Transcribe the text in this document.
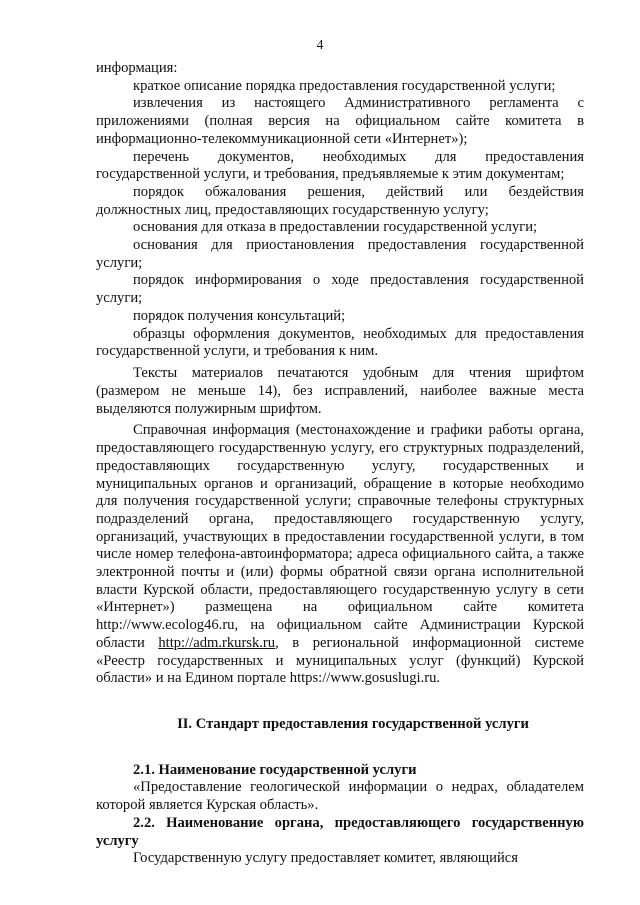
4

информация:

краткое описание порядка предоставления государственной услуги;

извлечения из настоящего Административного регламента с приложениями (полная версия на официальном сайте комитета в информационно-телекоммуникационной сети «Интернет»);

перечень документов, необходимых для предоставления государственной услуги, и требования, предъявляемые к этим документам;

порядок обжалования решения, действий или бездействия должностных лиц, предоставляющих государственную услугу;

основания для отказа в предоставлении государственной услуги;

основания для приостановления предоставления государственной услуги;

порядок информирования о ходе предоставления государственной услуги;

порядок получения консультаций;

образцы оформления документов, необходимых для предоставления государственной услуги, и требования к ним.

Тексты материалов печатаются удобным для чтения шрифтом (размером не меньше 14), без исправлений, наиболее важные места выделяются полужирным шрифтом.

Справочная информация (местонахождение и графики работы органа, предоставляющего государственную услугу, его структурных подразделений, предоставляющих государственную услугу, государственных и муниципальных органов и организаций, обращение в которые необходимо для получения государственной услуги; справочные телефоны структурных подразделений органа, предоставляющего государственную услугу, организаций, участвующих в предоставлении государственной услуги, в том числе номер телефона-автоинформатора; адреса официального сайта, а также электронной почты и (или) формы обратной связи органа исполнительной власти Курской области, предоставляющего государственную услугу в сети «Интернет») размещена на официальном сайте комитета http://www.ecolog46.ru, на официальном сайте Администрации Курской области http://adm.rkursk.ru, в региональной информационной системе «Реестр государственных и муниципальных услуг (функций) Курской области» и на Едином портале https://www.gosuslugi.ru.

II. Стандарт предоставления государственной услуги

2.1. Наименование государственной услуги

«Предоставление геологической информации о недрах, обладателем которой является Курская область».

2.2. Наименование органа, предоставляющего государственную услугу

Государственную услугу предоставляет комитет, являющийся
